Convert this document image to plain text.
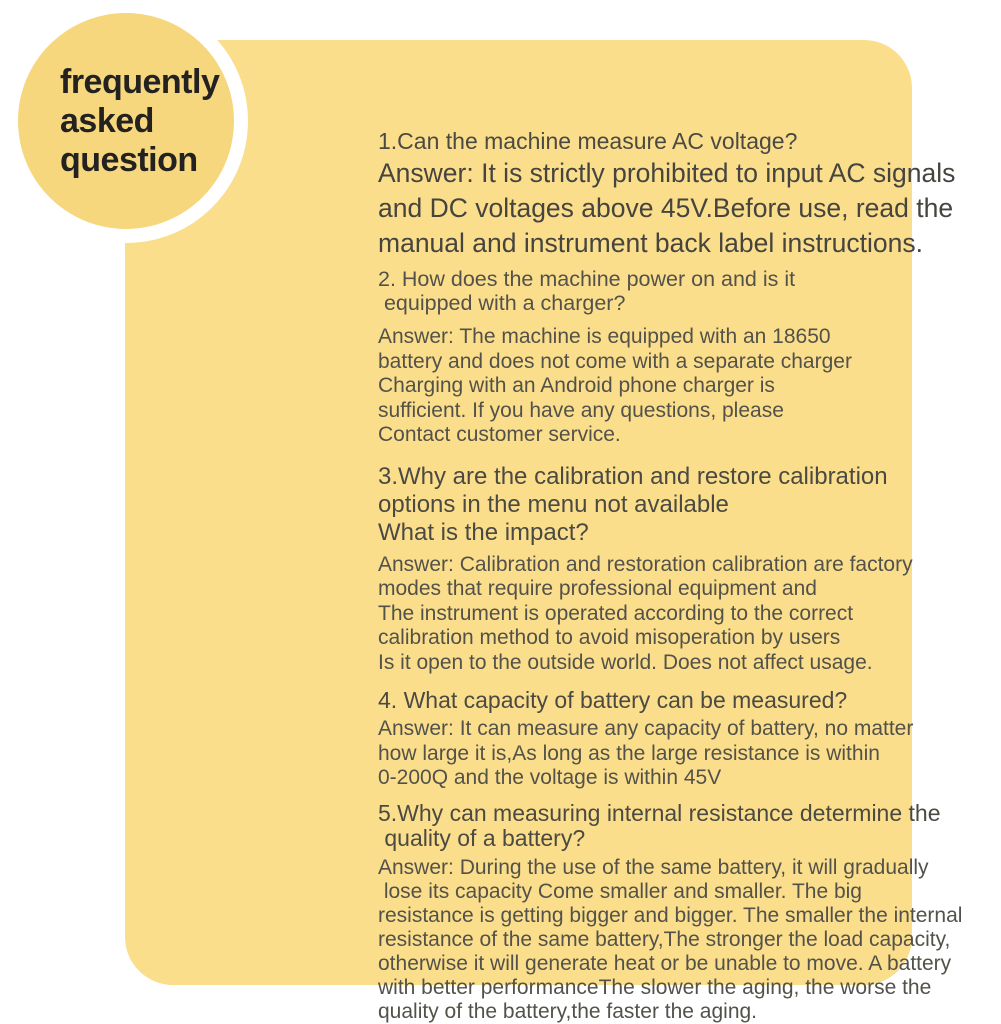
1.Can the machine measure AC voltage?
Answer: It is strictly prohibited to input AC signals
and DC voltages above 45V.Before use, read the
manual and instrument back label instructions.
2. How does the machine power on and is it
equipped with a charger?
Answer: The machine is equipped with an 18650
battery and does not come with a separate charger
Charging with an Android phone charger is
sufficient. If you have any questions, please
Contact customer service.
3.Why are the calibration and restore calibration
options in the menu not available
What is the impact?
Answer: Calibration and restoration calibration are factory
modes that require professional equipment and
The instrument is operated according to the correct
calibration method to avoid misoperation by users
Is it open to the outside world. Does not affect usage.
4. What capacity of battery can be measured?
Answer: It can measure any capacity of battery, no matter
how large it is,As long as the large resistance is within
0-200Q and the voltage is within 45V
5.Why can measuring internal resistance determine the
quality of a battery?
Answer: During the use of the same battery, it will gradually
lose its capacity Come smaller and smaller. The big
resistance is getting bigger and bigger. The smaller the internal
resistance of the same battery,The stronger the load capacity,
otherwise it will generate heat or be unable to move. A battery
with better performanceThe slower the aging, the worse the
quality of the battery,the faster the aging.
frequently
asked
question
